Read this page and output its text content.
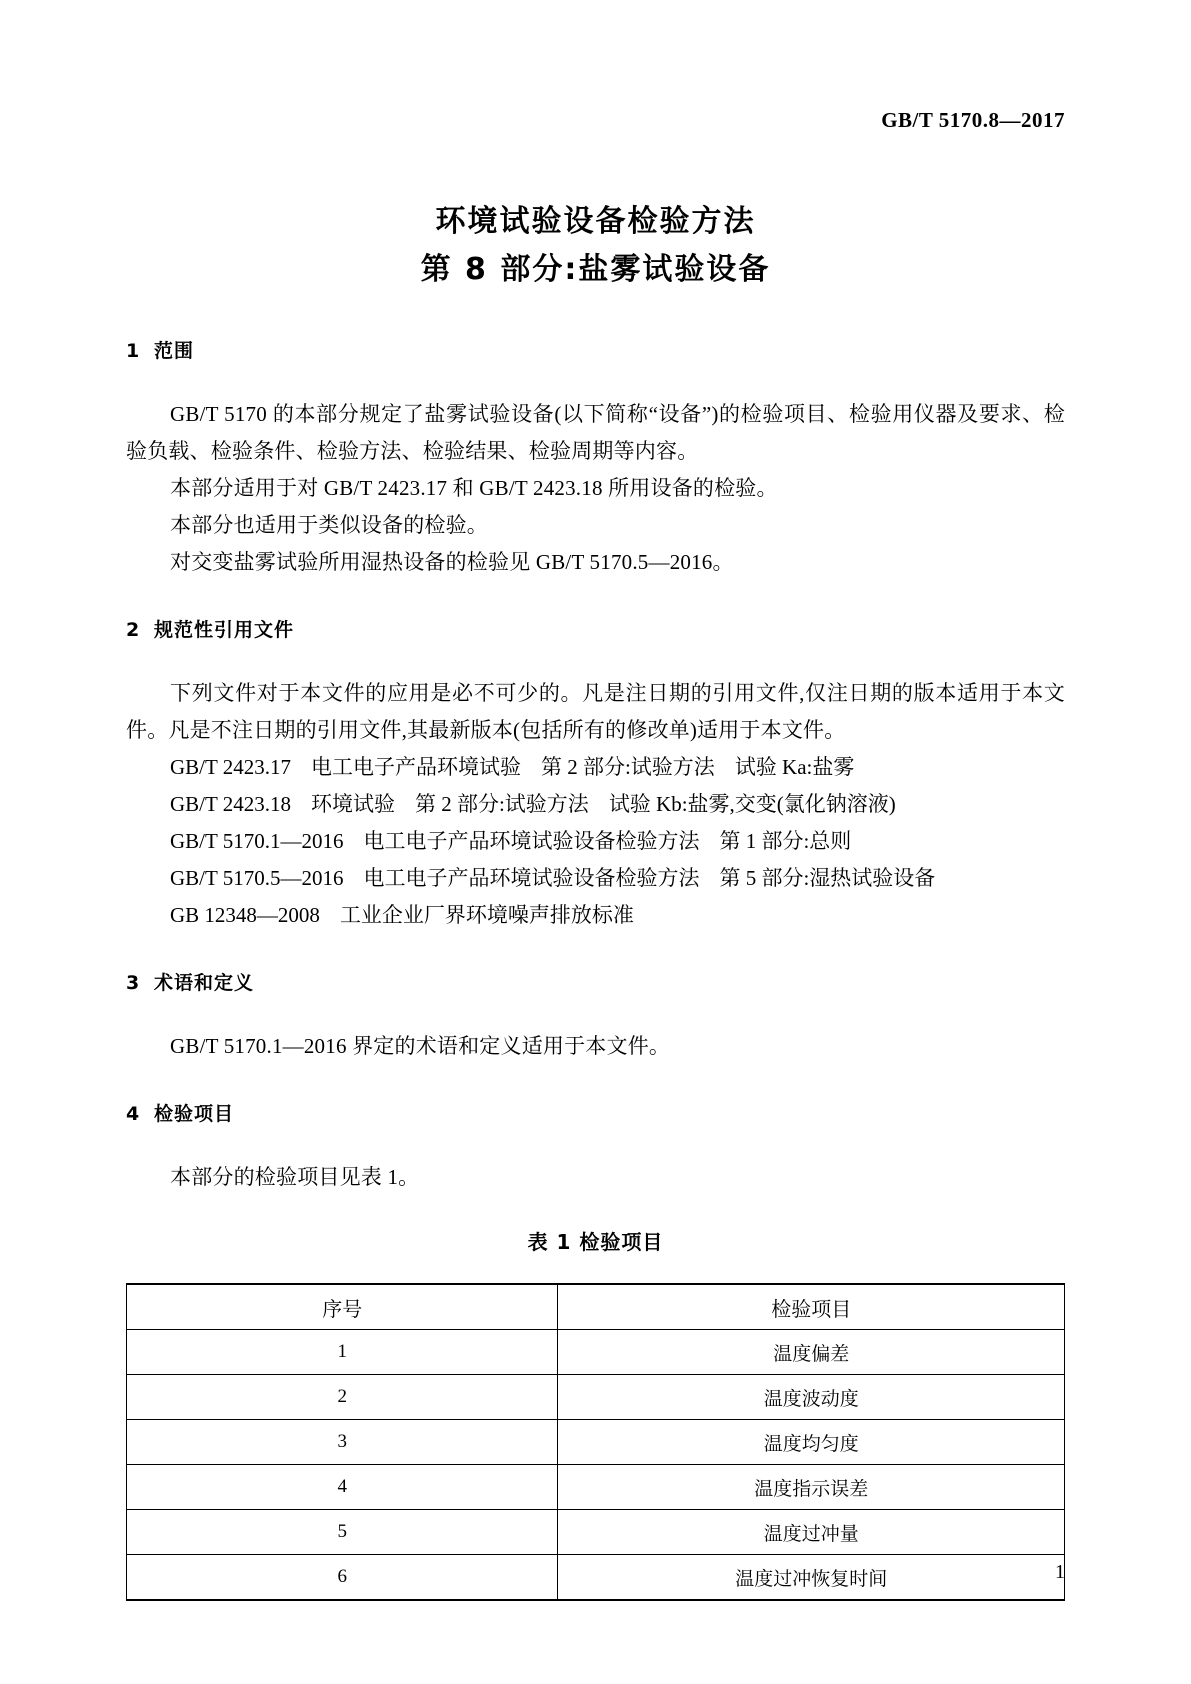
GB/T 5170.8—2017
环境试验设备检验方法
第 8 部分:盐雾试验设备
1 范围

GB/T 5170 的本部分规定了盐雾试验设备(以下简称“设备”)的检验项目、检验用仪器及要求、检验负载、检验条件、检验方法、检验结果、检验周期等内容。

本部分适用于对 GB/T 2423.17 和 GB/T 2423.18 所用设备的检验。

本部分也适用于类似设备的检验。

对交变盐雾试验所用湿热设备的检验见 GB/T 5170.5—2016。

2 规范性引用文件

下列文件对于本文件的应用是必不可少的。凡是注日期的引用文件,仅注日期的版本适用于本文件。凡是不注日期的引用文件,其最新版本(包括所有的修改单)适用于本文件。

GB/T 2423.17 电工电子产品环境试验 第 2 部分:试验方法 试验 Ka:盐雾

GB/T 2423.18 环境试验 第 2 部分:试验方法 试验 Kb:盐雾,交变(氯化钠溶液)

GB/T 5170.1—2016 电工电子产品环境试验设备检验方法 第 1 部分:总则

GB/T 5170.5—2016 电工电子产品环境试验设备检验方法 第 5 部分:湿热试验设备

GB 12348—2008 工业企业厂界环境噪声排放标准

3 术语和定义

GB/T 5170.1—2016 界定的术语和定义适用于本文件。

4 检验项目

本部分的检验项目见表 1。

表 1 检验项目

序号	检验项目
1	温度偏差
2	温度波动度
3	温度均匀度
4	温度指示误差
5	温度过冲量
6	温度过冲恢复时间	1
